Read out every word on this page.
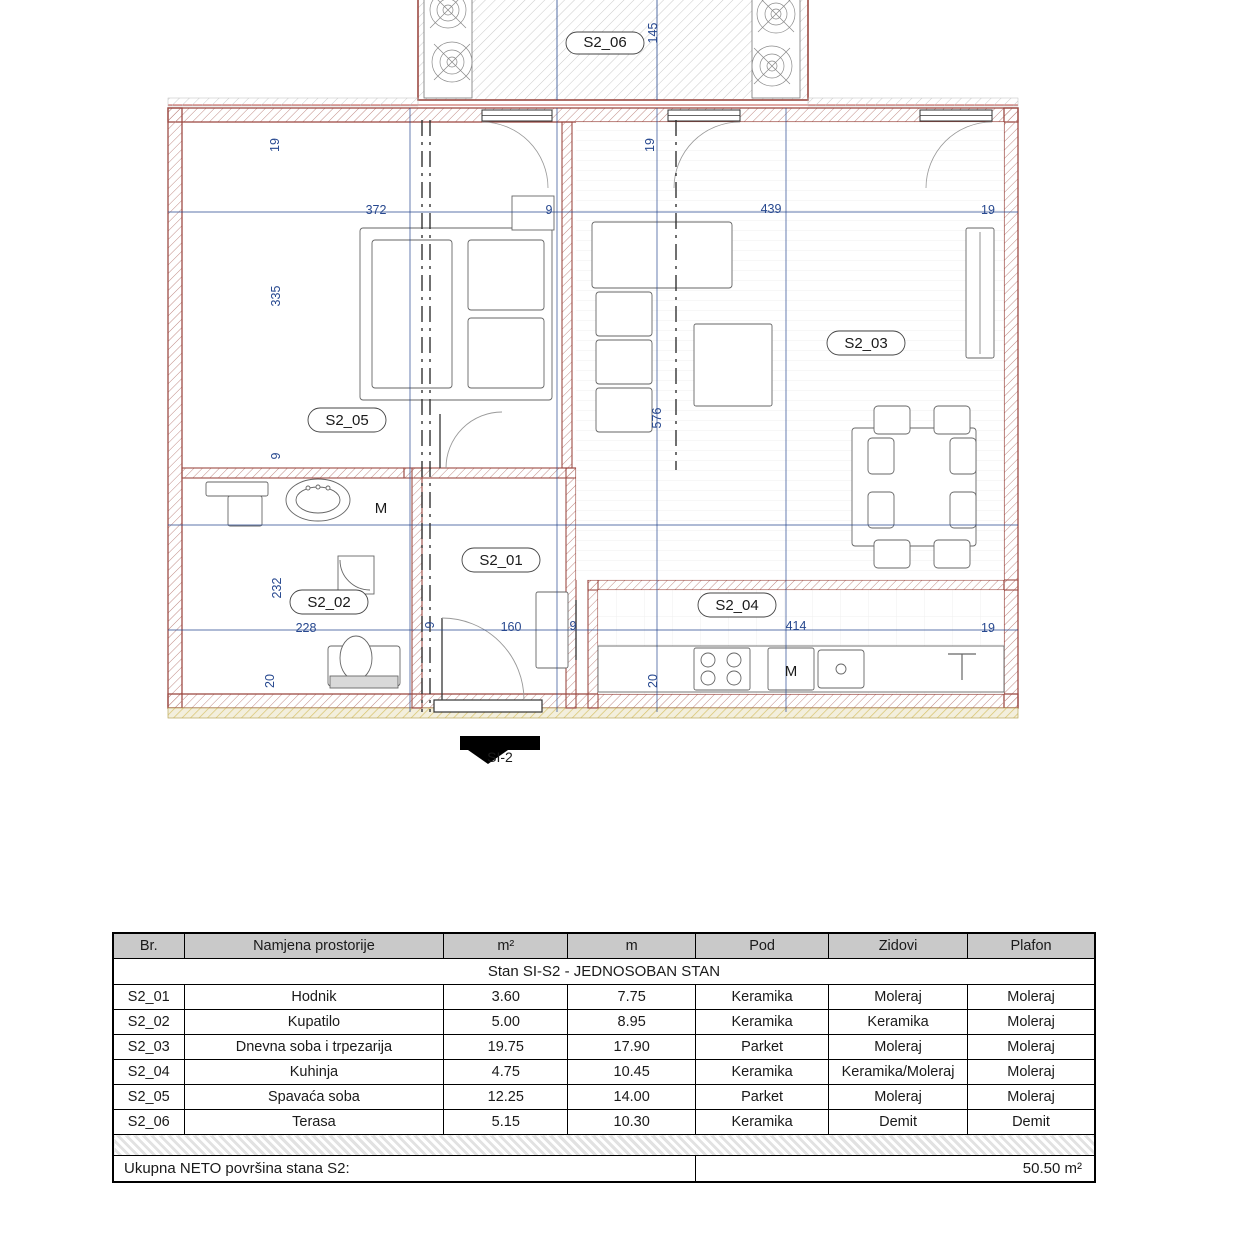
S2_06
S2_05
S2_03
S2_02
S2_01
S2_04
145
19	19
372	9	439	19
335
576
9
232
228	9	160	9	414	19
20	20
M
M
SI-2
Stan SI-S2 - JEDNOSOBAN STAN						
Br.	Namjena prostorije	m²	m	Pod	Zidovi	Plafon
S2_01	Hodnik	3.60	7.75	Keramika	Moleraj	Moleraj
S2_02	Kupatilo	5.00	8.95	Keramika	Keramika	Moleraj
S2_03	Dnevna soba i trpezarija	19.75	17.90	Parket	Moleraj	Moleraj
S2_04	Kuhinja	4.75	10.45	Keramika	Keramika/Moleraj	Moleraj
S2_05	Spavaća soba	12.25	14.00	Parket	Moleraj	Moleraj
S2_06	Terasa	5.15	10.30	Keramika	Demit	Demit

Ukupna NETO površina stana S2:				50.50 m²		
